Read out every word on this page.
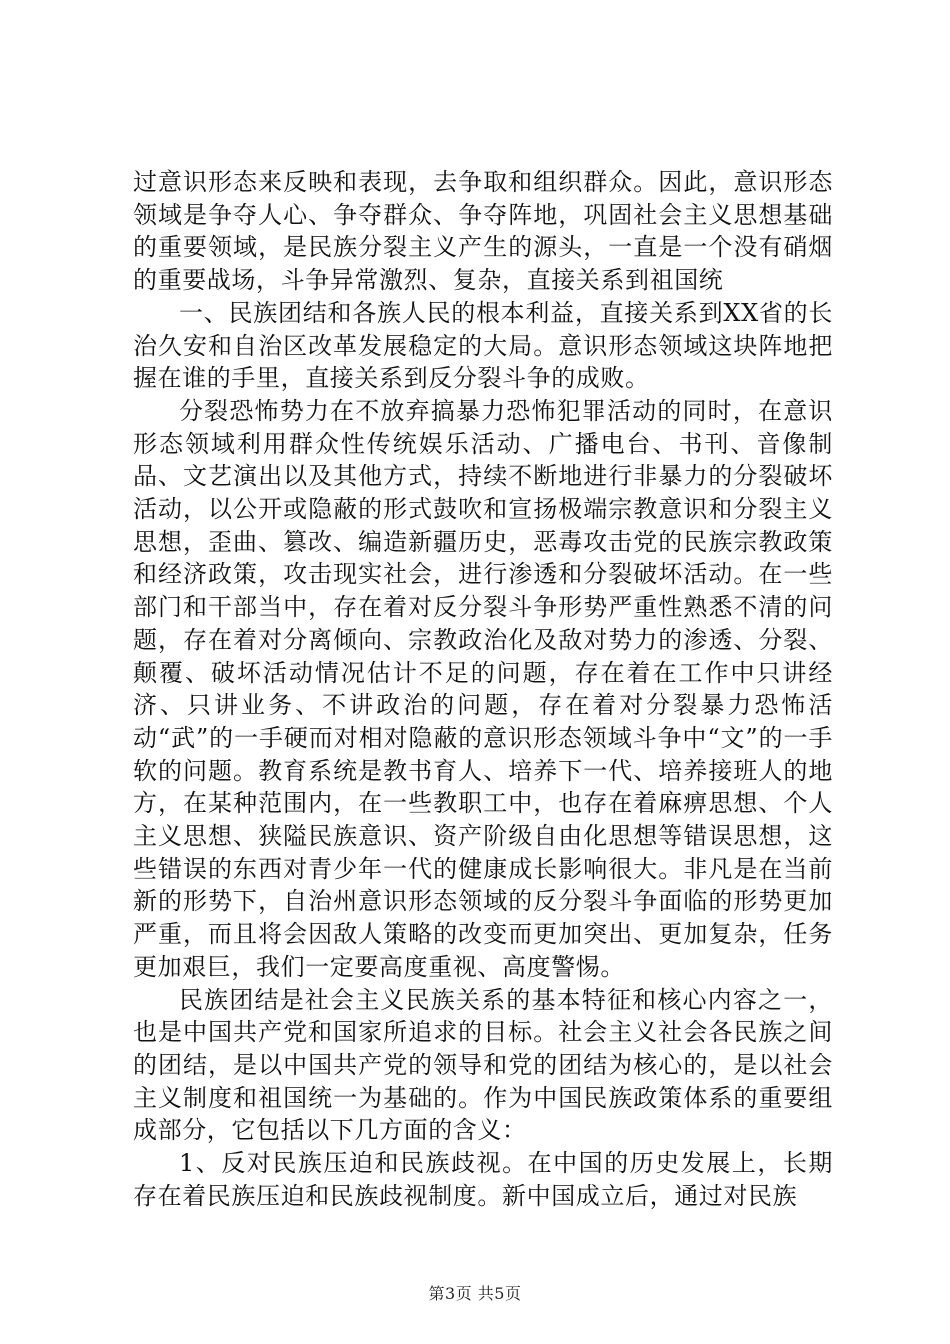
过意识形态来反映和表现，去争取和组织群众。因此，意识形态领域是争夺人心、争夺群众、争夺阵地，巩固社会主义思想基础的重要领域，是民族分裂主义产生的源头，一直是一个没有硝烟的重要战场，斗争异常激烈、复杂，直接关系到祖国统

一、民族团结和各族人民的根本利益，直接关系到XX省的长治久安和自治区改革发展稳定的大局。意识形态领域这块阵地把握在谁的手里，直接关系到反分裂斗争的成败。

分裂恐怖势力在不放弃搞暴力恐怖犯罪活动的同时，在意识形态领域利用群众性传统娱乐活动、广播电台、书刊、音像制品、文艺演出以及其他方式，持续不断地进行非暴力的分裂破坏活动，以公开或隐蔽的形式鼓吹和宣扬极端宗教意识和分裂主义思想，歪曲、篡改、编造新疆历史，恶毒攻击党的民族宗教政策和经济政策，攻击现实社会，进行渗透和分裂破坏活动。在一些部门和干部当中，存在着对反分裂斗争形势严重性熟悉不清的问题，存在着对分离倾向、宗教政治化及敌对势力的渗透、分裂、颠覆、破坏活动情况估计不足的问题，存在着在工作中只讲经济、只讲业务、不讲政治的问题，存在着对分裂暴力恐怖活动“武”的一手硬而对相对隐蔽的意识形态领域斗争中“文”的一手软的问题。教育系统是教书育人、培养下一代、培养接班人的地方，在某种范围内，在一些教职工中，也存在着麻痹思想、个人主义思想、狭隘民族意识、资产阶级自由化思想等错误思想，这些错误的东西对青少年一代的健康成长影响很大。非凡是在当前新的形势下，自治州意识形态领域的反分裂斗争面临的形势更加严重，而且将会因敌人策略的改变而更加突出、更加复杂，任务更加艰巨，我们一定要高度重视、高度警惕。

民族团结是社会主义民族关系的基本特征和核心内容之一，也是中国共产党和国家所追求的目标。社会主义社会各民族之间的团结，是以中国共产党的领导和党的团结为核心的，是以社会主义制度和祖国统一为基础的。作为中国民族政策体系的重要组成部分，它包括以下几方面的含义：

1、反对民族压迫和民族歧视。在中国的历史发展上，长期存在着民族压迫和民族歧视制度。新中国成立后，通过对民族

第3页 共5页
